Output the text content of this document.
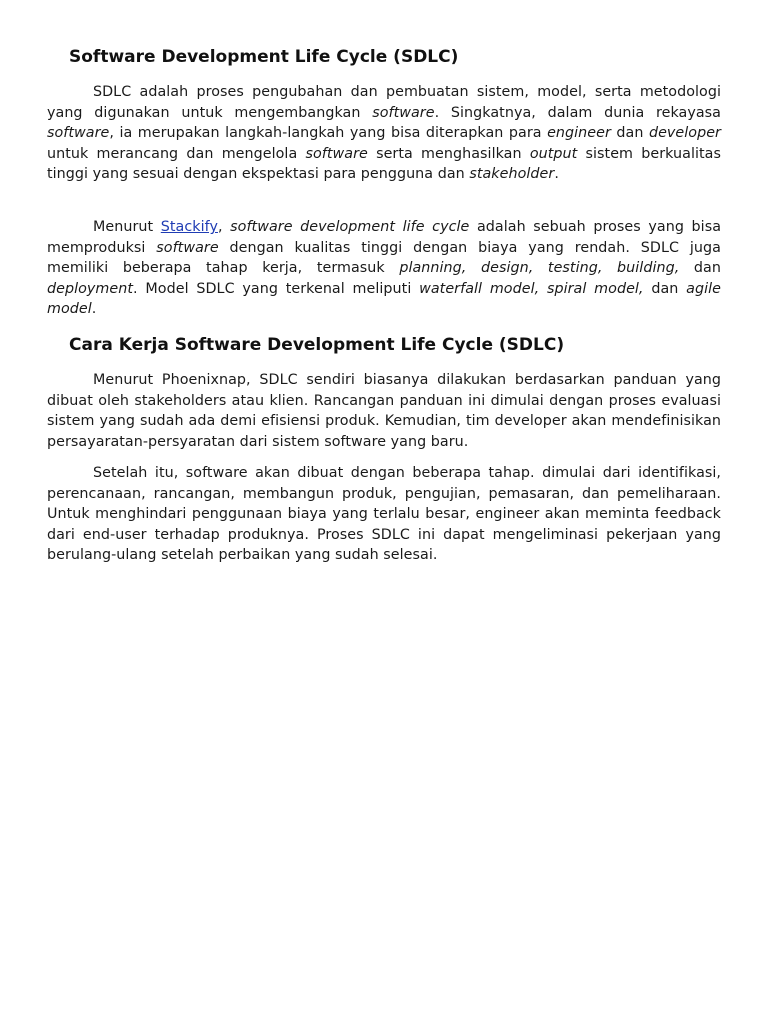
Software Development Life Cycle (SDLC)

SDLC adalah proses pengubahan dan pembuatan sistem, model, serta metodologi yang digunakan untuk mengembangkan software. Singkatnya, dalam dunia rekayasa software, ia merupakan langkah-langkah yang bisa diterapkan para engineer dan developer untuk merancang dan mengelola software serta menghasilkan output sistem berkualitas tinggi yang sesuai dengan ekspektasi para pengguna dan stakeholder.

Menurut Stackify, software development life cycle adalah sebuah proses yang bisa memproduksi software dengan kualitas tinggi dengan biaya yang rendah. SDLC juga memiliki beberapa tahap kerja, termasuk planning, design, testing, building, dan deployment. Model SDLC yang terkenal meliputi waterfall model, spiral model, dan agile model.

Cara Kerja Software Development Life Cycle (SDLC)

Menurut Phoenixnap, SDLC sendiri biasanya dilakukan berdasarkan panduan yang dibuat oleh stakeholders atau klien. Rancangan panduan ini dimulai dengan proses evaluasi sistem yang sudah ada demi efisiensi produk. Kemudian, tim developer akan mendefinisikan persayaratan-persyaratan dari sistem software yang baru.

Setelah itu, software akan dibuat dengan beberapa tahap. dimulai dari identifikasi, perencanaan, rancangan, membangun produk, pengujian, pemasaran, dan pemeliharaan. Untuk menghindari penggunaan biaya yang terlalu besar, engineer akan meminta feedback dari end-user terhadap produknya. Proses SDLC ini dapat mengeliminasi pekerjaan yang berulang-ulang setelah perbaikan yang sudah selesai.
